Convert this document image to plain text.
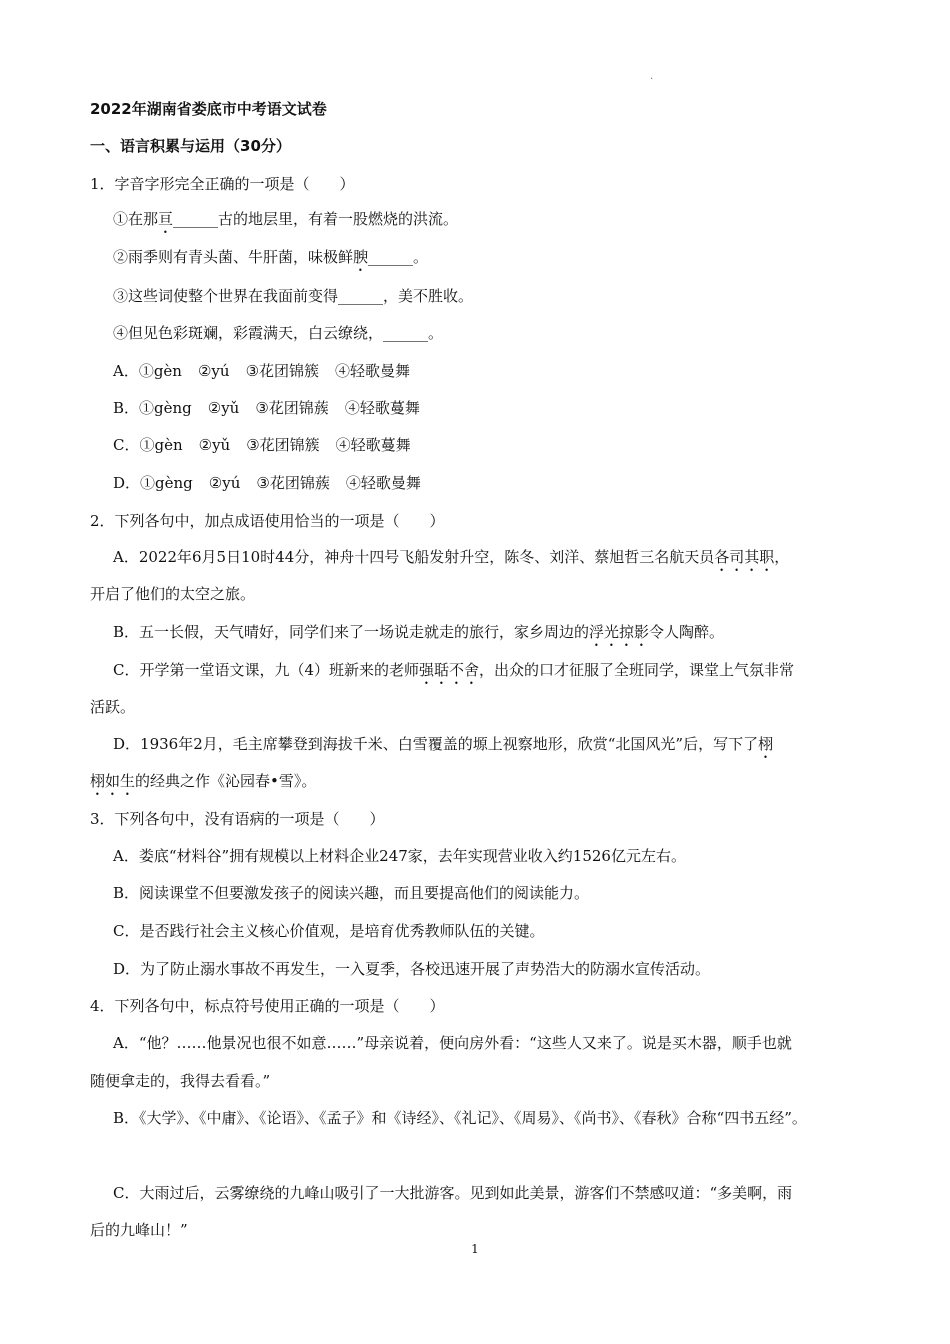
·
2022年湖南省娄底市中考语文试卷
一、语言积累与运用（30分）
1．字音字形完全正确的一项是（　　）
①在那亘______古的地层里，有着一股燃烧的洪流。
②雨季则有青头菌、牛肝菌，味极鲜腴______。
③这些词使整个世界在我面前变得______，美不胜收。
④但见色彩斑斓，彩霞满天，白云缭绕，______。
A．①gèn ②yú ③花团锦簇 ④轻歌曼舞
B．①gèng ②yǔ ③花团锦蔟 ④轻歌蔓舞
C．①gèn ②yǔ ③花团锦簇 ④轻歌蔓舞
D．①gèng ②yú ③花团锦蔟 ④轻歌曼舞
2．下列各句中，加点成语使用恰当的一项是（　　）
A．2022年6月5日10时44分，神舟十四号飞船发射升空，陈冬、刘洋、蔡旭哲三名航天员各司其职，
开启了他们的太空之旅。
B．五一长假，天气晴好，同学们来了一场说走就走的旅行，家乡周边的浮光掠影令人陶醉。
C．开学第一堂语文课，九（4）班新来的老师强聒不舍，出众的口才征服了全班同学，课堂上气氛非常
活跃。
D．1936年2月，毛主席攀登到海拔千米、白雪覆盖的塬上视察地形，欣赏“北国风光”后，写下了栩
栩如生的经典之作《沁园春•雪》。
3．下列各句中，没有语病的一项是（　　）
A．娄底“材料谷”拥有规模以上材料企业247家，去年实现营业收入约1526亿元左右。
B．阅读课堂不但要激发孩子的阅读兴趣，而且要提高他们的阅读能力。
C．是否践行社会主义核心价值观，是培育优秀教师队伍的关键。
D．为了防止溺水事故不再发生，一入夏季，各校迅速开展了声势浩大的防溺水宣传活动。
4．下列各句中，标点符号使用正确的一项是（　　）
A．“他？……他景况也很不如意……”母亲说着，便向房外看：“这些人又来了。说是买木器，顺手也就
随便拿走的，我得去看看。”
B．《大学》、《中庸》、《论语》、《孟子》和《诗经》、《礼记》、《周易》、《尚书》、《春秋》合称“四书五经”。
C．大雨过后，云雾缭绕的九峰山吸引了一大批游客。见到如此美景，游客们不禁感叹道：“多美啊，雨
后的九峰山！”
1
